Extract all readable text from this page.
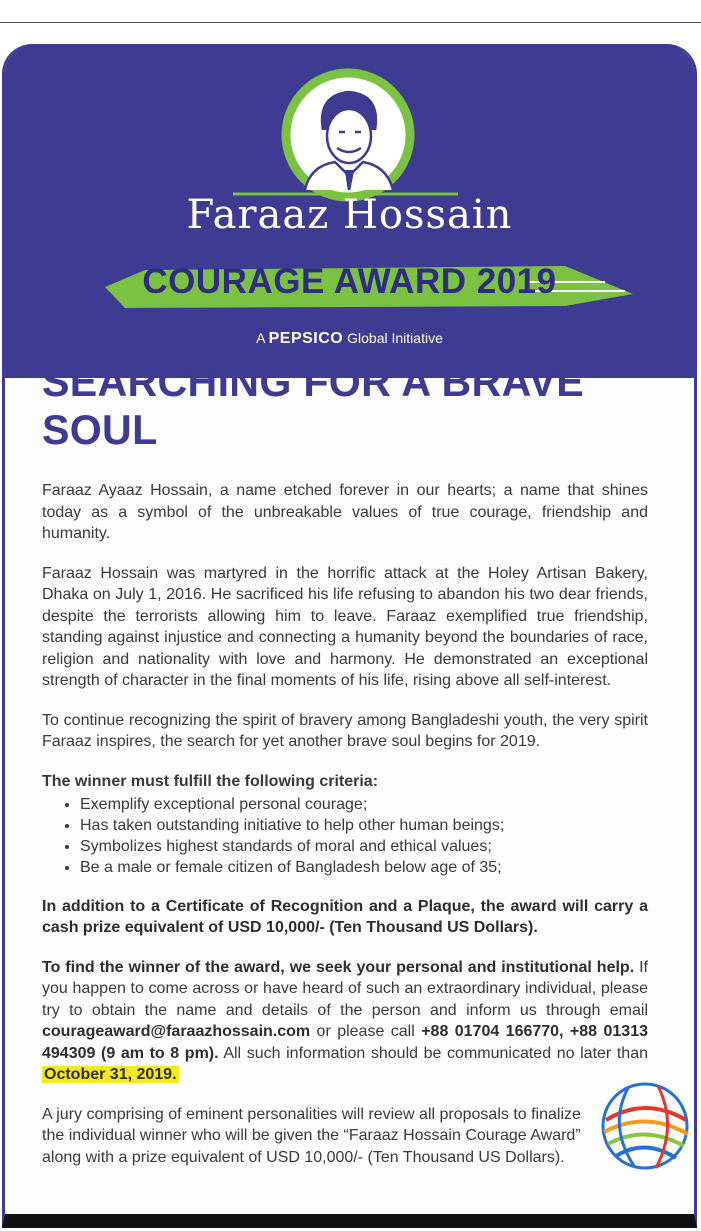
Faraaz Hossain
COURAGE AWARD 2019
A PEPSICO Global Initiative
SEARCHING FOR A BRAVE SOUL

Faraaz Ayaaz Hossain, a name etched forever in our hearts; a name that shines today as a symbol of the unbreakable values of true courage, friendship and humanity.

Faraaz Hossain was martyred in the horrific attack at the Holey Artisan Bakery, Dhaka on July 1, 2016. He sacrificed his life refusing to abandon his two dear friends, despite the terrorists allowing him to leave. Faraaz exemplified true friendship, standing against injustice and connecting a humanity beyond the boundaries of race, religion and nationality with love and harmony. He demonstrated an exceptional strength of character in the final moments of his life, rising above all self-interest.

To continue recognizing the spirit of bravery among Bangladeshi youth, the very spirit Faraaz inspires, the search for yet another brave soul begins for 2019.

The winner must fulfill the following criteria:
• Exemplify exceptional personal courage;
• Has taken outstanding initiative to help other human beings;
• Symbolizes highest standards of moral and ethical values;
• Be a male or female citizen of Bangladesh below age of 35;

In addition to a Certificate of Recognition and a Plaque, the award will carry a cash prize equivalent of USD 10,000/- (Ten Thousand US Dollars).

To find the winner of the award, we seek your personal and institutional help. If you happen to come across or have heard of such an extraordinary individual, please try to obtain the name and details of the person and inform us through email courageaward@faraazhossain.com or please call +88 01704 166770, +88 01313 494309 (9 am to 8 pm). All such information should be communicated no later than October 31, 2019.

A jury comprising of eminent personalities will review all proposals to finalize the individual winner who will be given the “Faraaz Hossain Courage Award” along with a prize equivalent of USD 10,000/- (Ten Thousand US Dollars).
